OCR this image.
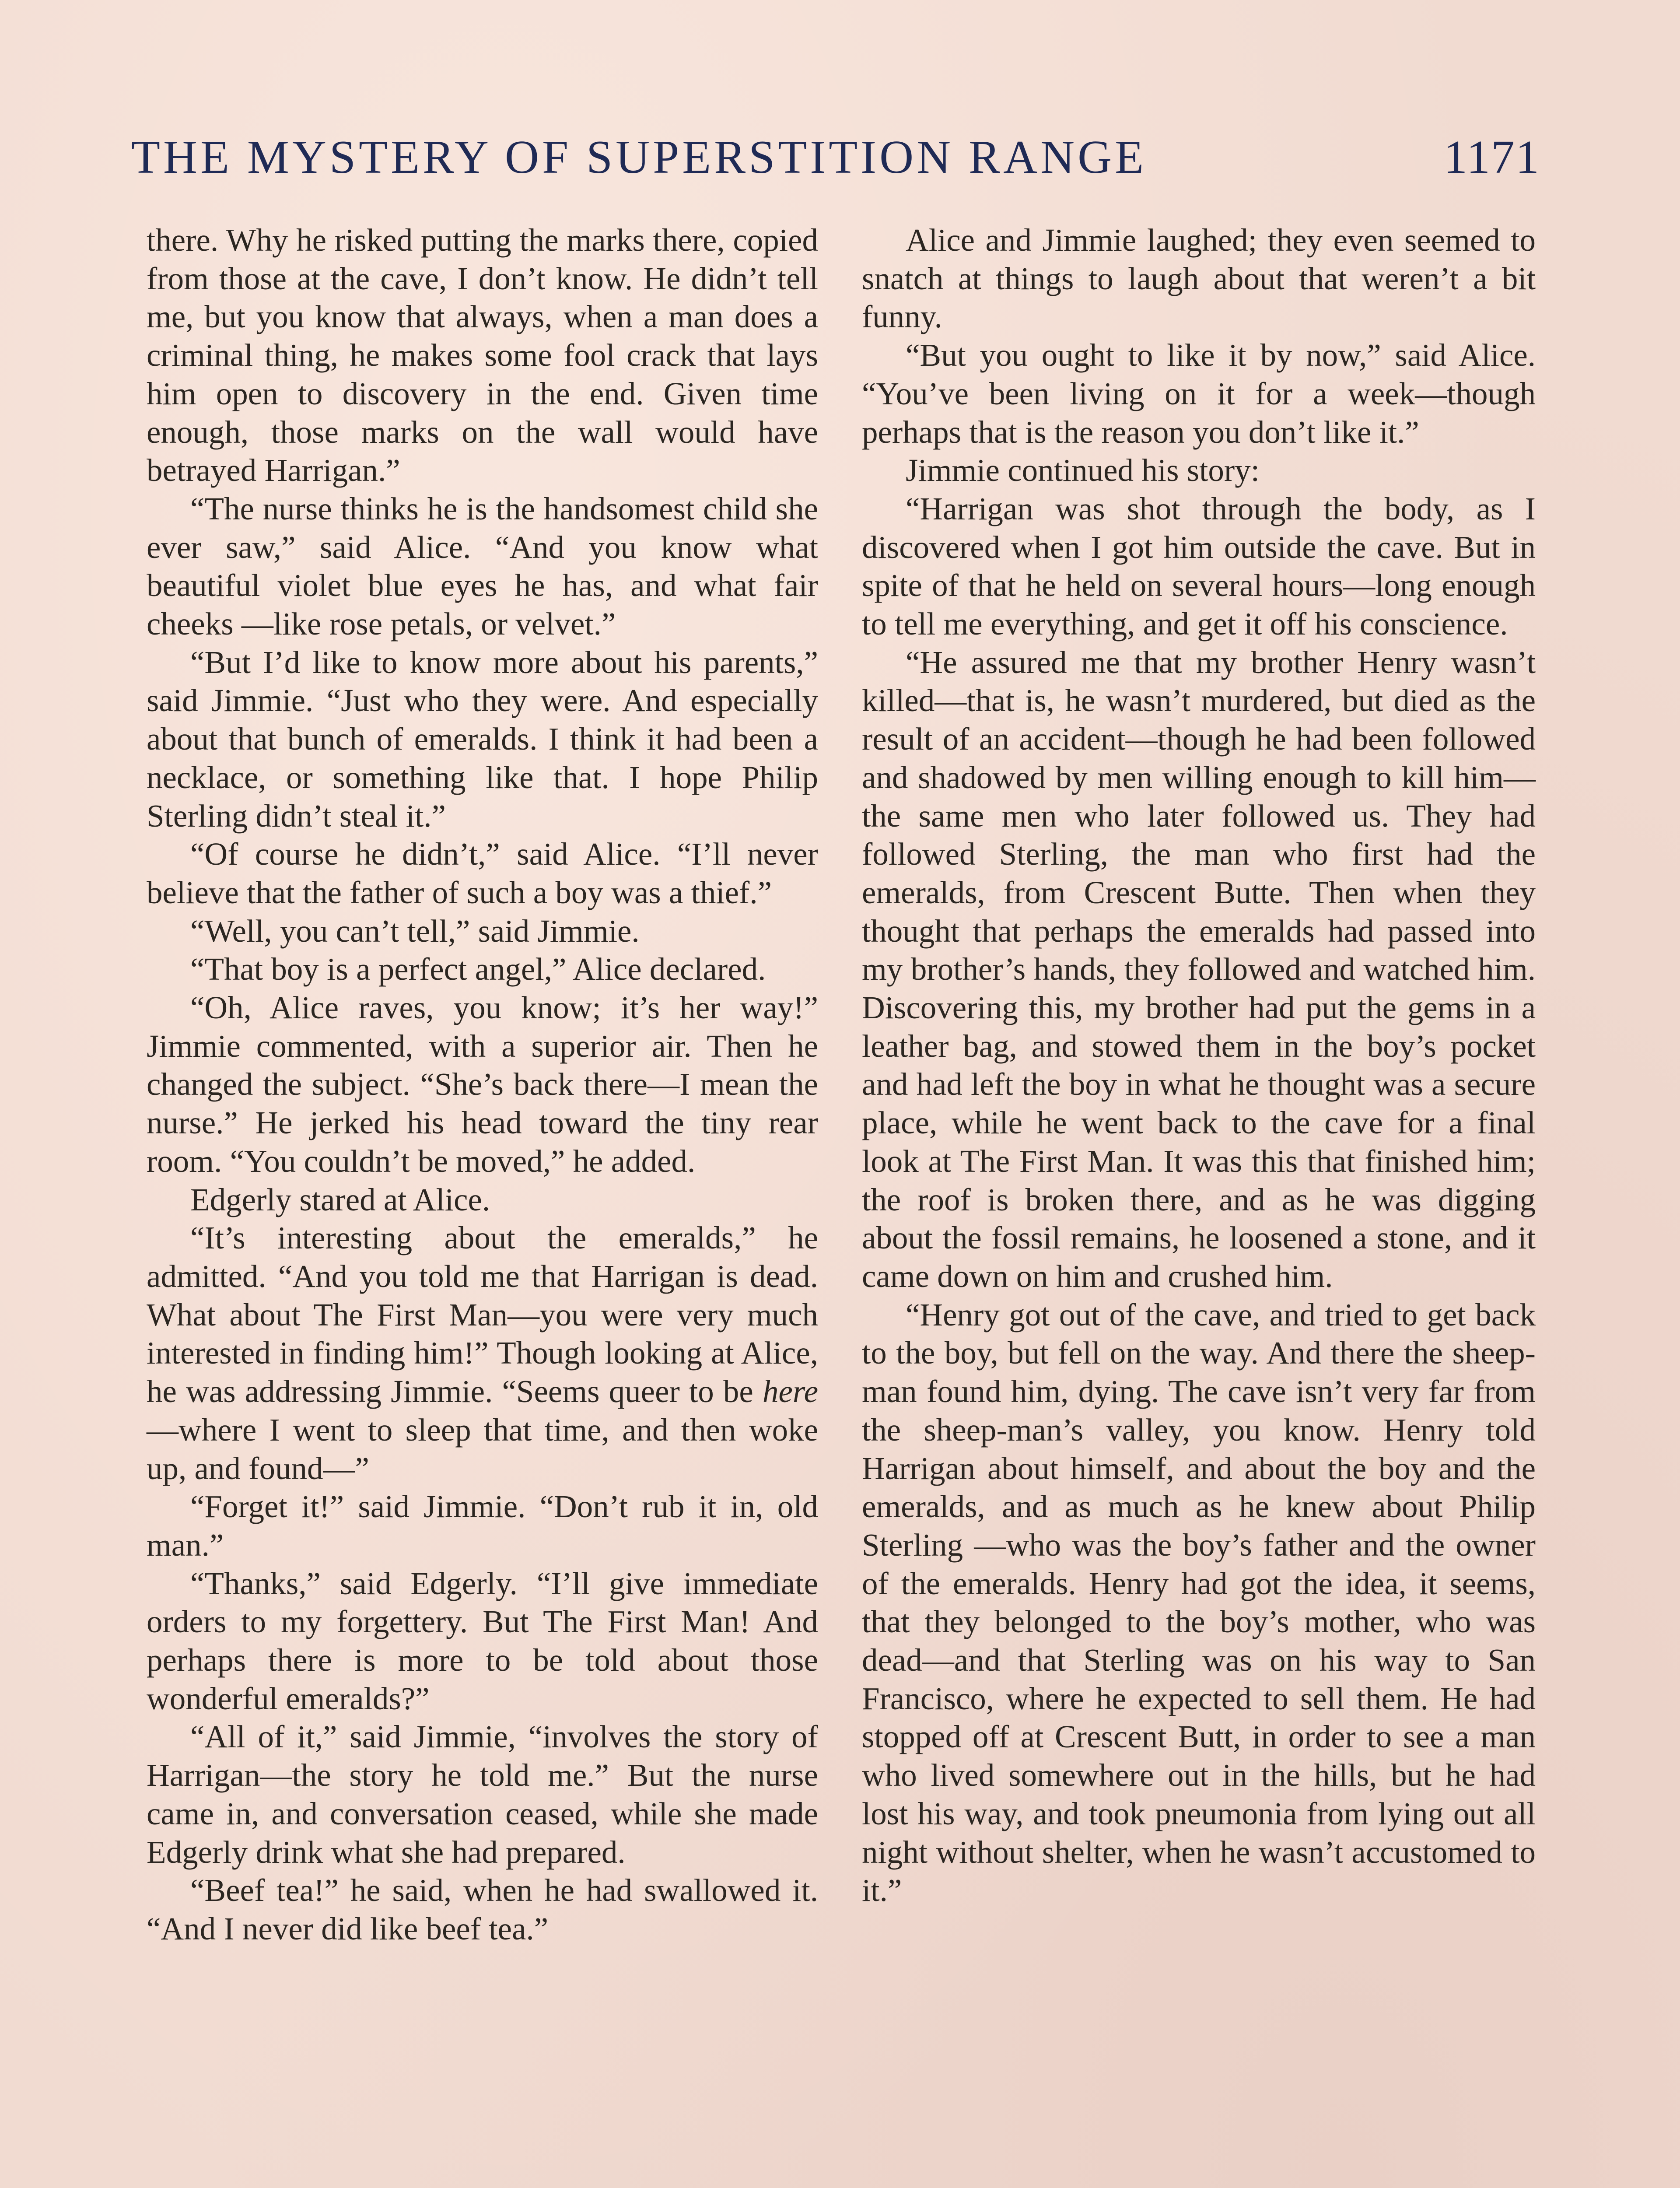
THE MYSTERY OF SUPERSTITION RANGE	1171

there. Why he risked putting the marks there, copied from those at the cave, I don’t know. He didn’t tell me, but you know that always, when a man does a criminal thing, he makes some fool crack that lays him open to discovery in the end. Given time enough, those marks on the wall would have betrayed Harrigan.”

“The nurse thinks he is the handsomest child she ever saw,” said Alice. “And you know what beautiful violet blue eyes he has, and what fair cheeks —like rose petals, or velvet.”

“But I’d like to know more about his parents,” said Jimmie. “Just who they were. And especially about that bunch of emeralds. I think it had been a necklace, or something like that. I hope Philip Sterling didn’t steal it.”

“Of course he didn’t,” said Alice. “I’ll never believe that the father of such a boy was a thief.”

“Well, you can’t tell,” said Jimmie.

“That boy is a perfect angel,” Alice declared.

“Oh, Alice raves, you know; it’s her way!” Jimmie commented, with a superior air. Then he changed the subject. “She’s back there—I mean the nurse.” He jerked his head toward the tiny rear room. “You couldn’t be moved,” he added.

Edgerly stared at Alice.

“It’s interesting about the emeralds,” he admitted. “And you told me that Harrigan is dead. What about The First Man—you were very much interested in finding him!” Though looking at Alice, he was addressing Jimmie. “Seems queer to be here—where I went to sleep that time, and then woke up, and found—”

“Forget it!” said Jimmie. “Don’t rub it in, old man.”

“Thanks,” said Edgerly. “I’ll give immediate orders to my forgettery. But The First Man! And perhaps there is more to be told about those wonderful emeralds?”

“All of it,” said Jimmie, “involves the story of Harrigan—the story he told me.” But the nurse came in, and conversation ceased, while she made Edgerly drink what she had prepared.

“Beef tea!” he said, when he had swallowed it. “And I never did like beef tea.”

Alice and Jimmie laughed; they even seemed to snatch at things to laugh about that weren’t a bit funny.

“But you ought to like it by now,” said Alice. “You’ve been living on it for a week—though perhaps that is the reason you don’t like it.”

Jimmie continued his story:

“Harrigan was shot through the body, as I discovered when I got him outside the cave. But in spite of that he held on several hours—long enough to tell me everything, and get it off his conscience.

“He assured me that my brother Henry wasn’t killed—that is, he wasn’t murdered, but died as the result of an accident—though he had been followed and shadowed by men willing enough to kill him—the same men who later followed us. They had followed Sterling, the man who first had the emeralds, from Crescent Butte. Then when they thought that perhaps the emeralds had passed into my brother’s hands, they followed and watched him. Discovering this, my brother had put the gems in a leather bag, and stowed them in the boy’s pocket and had left the boy in what he thought was a secure place, while he went back to the cave for a final look at The First Man. It was this that finished him; the roof is broken there, and as he was digging about the fossil remains, he loosened a stone, and it came down on him and crushed him.

“Henry got out of the cave, and tried to get back to the boy, but fell on the way. And there the sheep-man found him, dying. The cave isn’t very far from the sheep-man’s valley, you know. Henry told Harrigan about himself, and about the boy and the emeralds, and as much as he knew about Philip Sterling —who was the boy’s father and the owner of the emeralds. Henry had got the idea, it seems, that they belonged to the boy’s mother, who was dead—and that Sterling was on his way to San Francisco, where he expected to sell them. He had stopped off at Crescent Butt, in order to see a man who lived somewhere out in the hills, but he had lost his way, and took pneumonia from lying out all night without shelter, when he wasn’t accustomed to it.”
